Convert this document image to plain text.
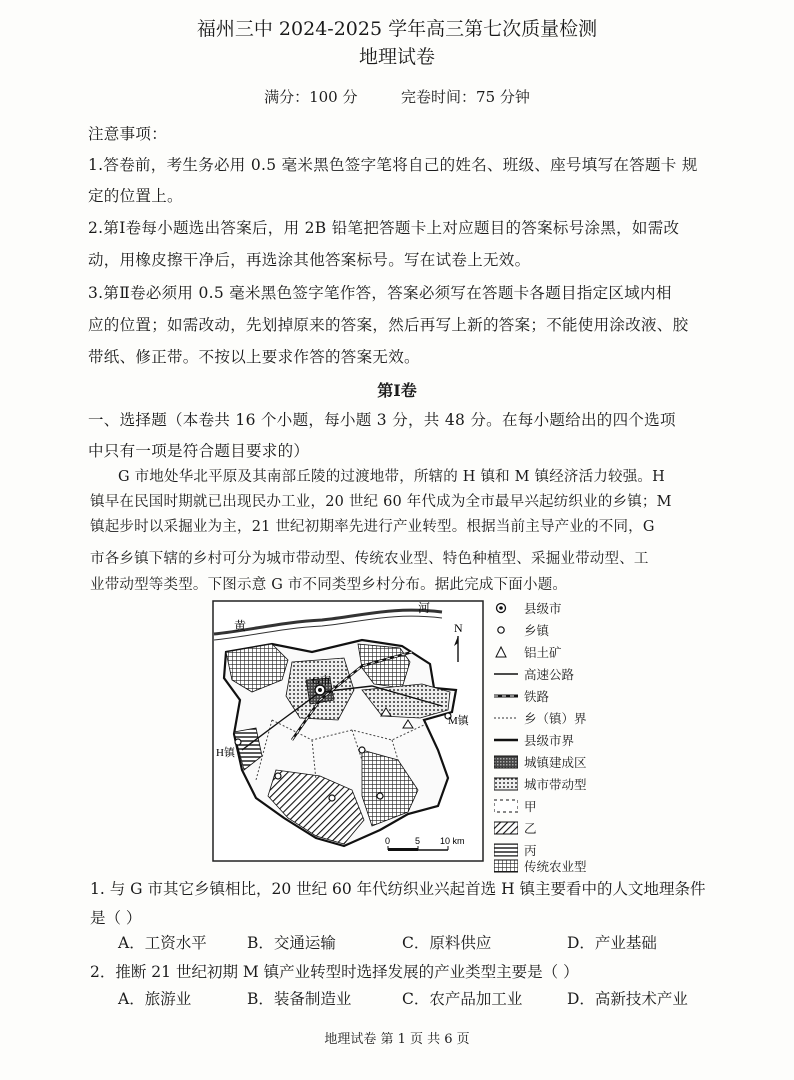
福州三中 2024-2025 学年高三第七次质量检测
地理试卷
满分：100 分	完卷时间：75 分钟
注意事项：
1.答卷前，考生务必用 0.5 毫米黑色签字笔将自己的姓名、班级、座号填写在答题卡 规
定的位置上。
2.第Ⅰ卷每小题选出答案后，用 2B 铅笔把答题卡上对应题目的答案标号涂黑，如需改
动，用橡皮擦干净后，再选涂其他答案标号。写在试卷上无效。
3.第Ⅱ卷必须用 0.5 毫米黑色签字笔作答，答案必须写在答题卡各题目指定区域内相
应的位置；如需改动，先划掉原来的答案，然后再写上新的答案；不能使用涂改液、胶
带纸、修正带。不按以上要求作答的答案无效。
第Ⅰ卷
一、选择题（本卷共 16 个小题，每小题 3 分，共 48 分。在每小题给出的四个选项
中只有一项是符合题目要求的）
G 市地处华北平原及其南部丘陵的过渡地带，所辖的 H 镇和 M 镇经济活力较强。H
镇早在民国时期就已出现民办工业，20 世纪 60 年代成为全市最早兴起纺织业的乡镇；M
镇起步时以采掘业为主，21 世纪初期率先进行产业转型。根据当前主导产业的不同，G
市各乡镇下辖的乡村可分为城市带动型、传统农业型、特色种植型、采掘业带动型、工
业带动型等类型。下图示意 G 市不同类型乡村分布。据此完成下面小题。
黄
河
G市
M镇
H镇
N
0	5 10 km
县级市
乡镇
铝土矿
高速公路
铁路
乡（镇）界
县级市界
城镇建成区
城市带动型
甲
乙
丙
传统农业型
1. 与 G 市其它乡镇相比，20 世纪 60 年代纺织业兴起首选 H 镇主要看中的人文地理条件
是（ ）
A．工资水平	B．交通运输	C．原料供应	D．产业基础
2．推断 21 世纪初期 M 镇产业转型时选择发展的产业类型主要是（ ）
A．旅游业	B．装备制造业	C．农产品加工业	D．高新技术产业
地理试卷 第 1 页 共 6 页
